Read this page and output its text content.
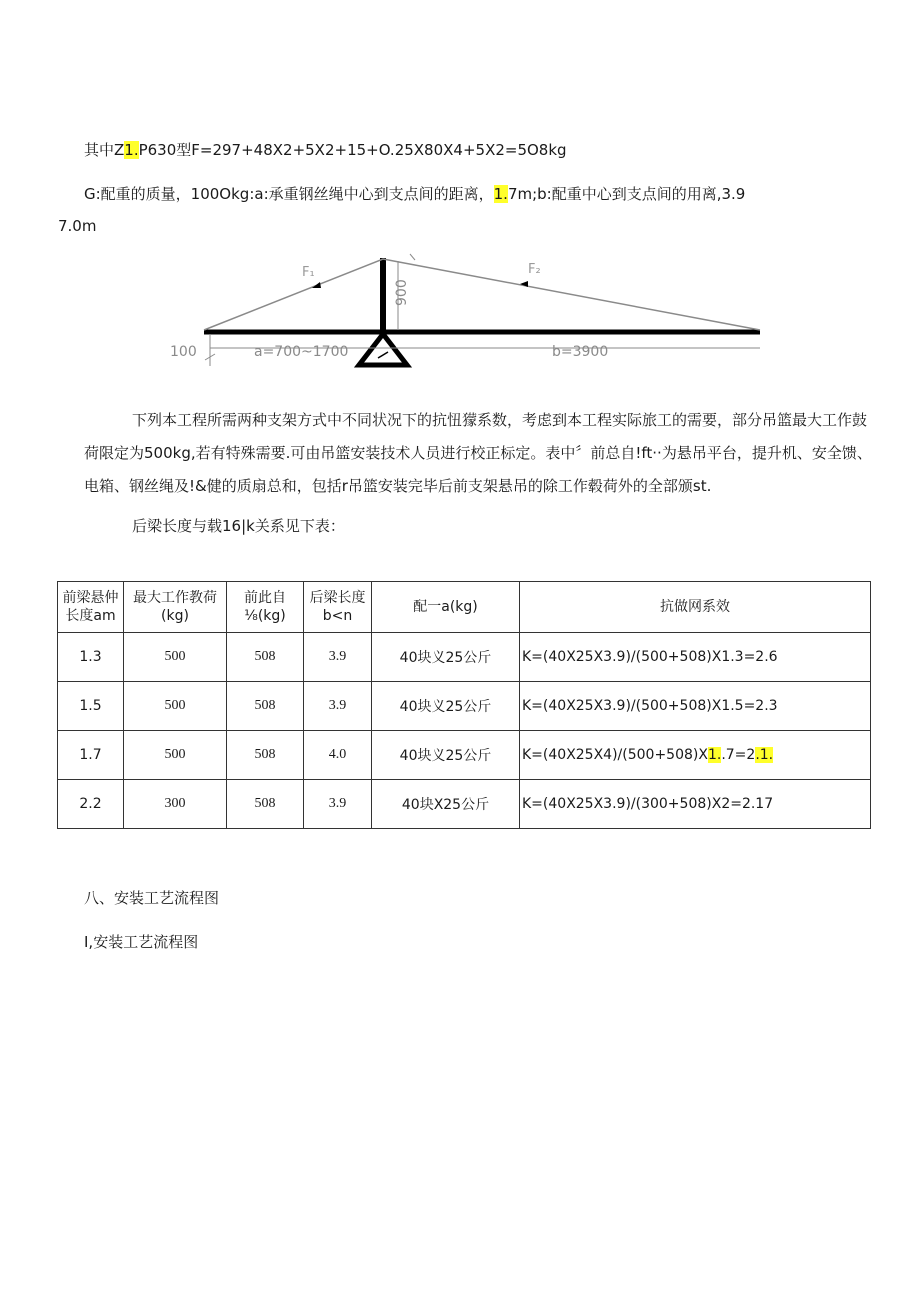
其中Z1.P630型F=297+48X2+5X2+15+O.25X80X4+5X2=5O8kg
G:配重的质量，100Okg:a:承重钢丝绳中心到支点间的距离，1.7m;b:配重中心到支点间的用离,3.9
7.0m
900
F₁	F₂
100	a=700~1700	b=3900
下列本工程所需两种支架方式中不同状况下的抗忸獴系数，考虑到本工程实际旅工的需要，部分吊篮最大工作鼓荷限定为500kg,若有特殊需要.可由吊篮安装技术人员进行校正标定。表中〞前总自!ft··为悬吊平台，提升机、安全馈、电箱、钢丝绳及!&健的质扇总和，包括r吊篮安装完毕后前支架悬吊的除工作毂荷外的全部颁st.
后梁长度与载16|k关系见下表：
前梁悬仲长度am	最大工作教荷(kg)	前此自⅛(kg)	后梁长度b<n	配一a(kg)	抗做网系效
1.3	500	508	3.9	40块义25公斤	K=(40X25X3.9)/(500+508)X1.3=2.6
1.5	500	508	3.9	40块义25公斤	K=(40X25X3.9)/(500+508)X1.5=2.3
1.7	500	508	4.0	40块义25公斤	K=(40X25X4)/(500+508)X1..7=2.1.
2.2	300	508	3.9	40块X25公斤	K=(40X25X3.9)/(300+508)X2=2.17
八、安装工艺流程图
I,安装工艺流程图
